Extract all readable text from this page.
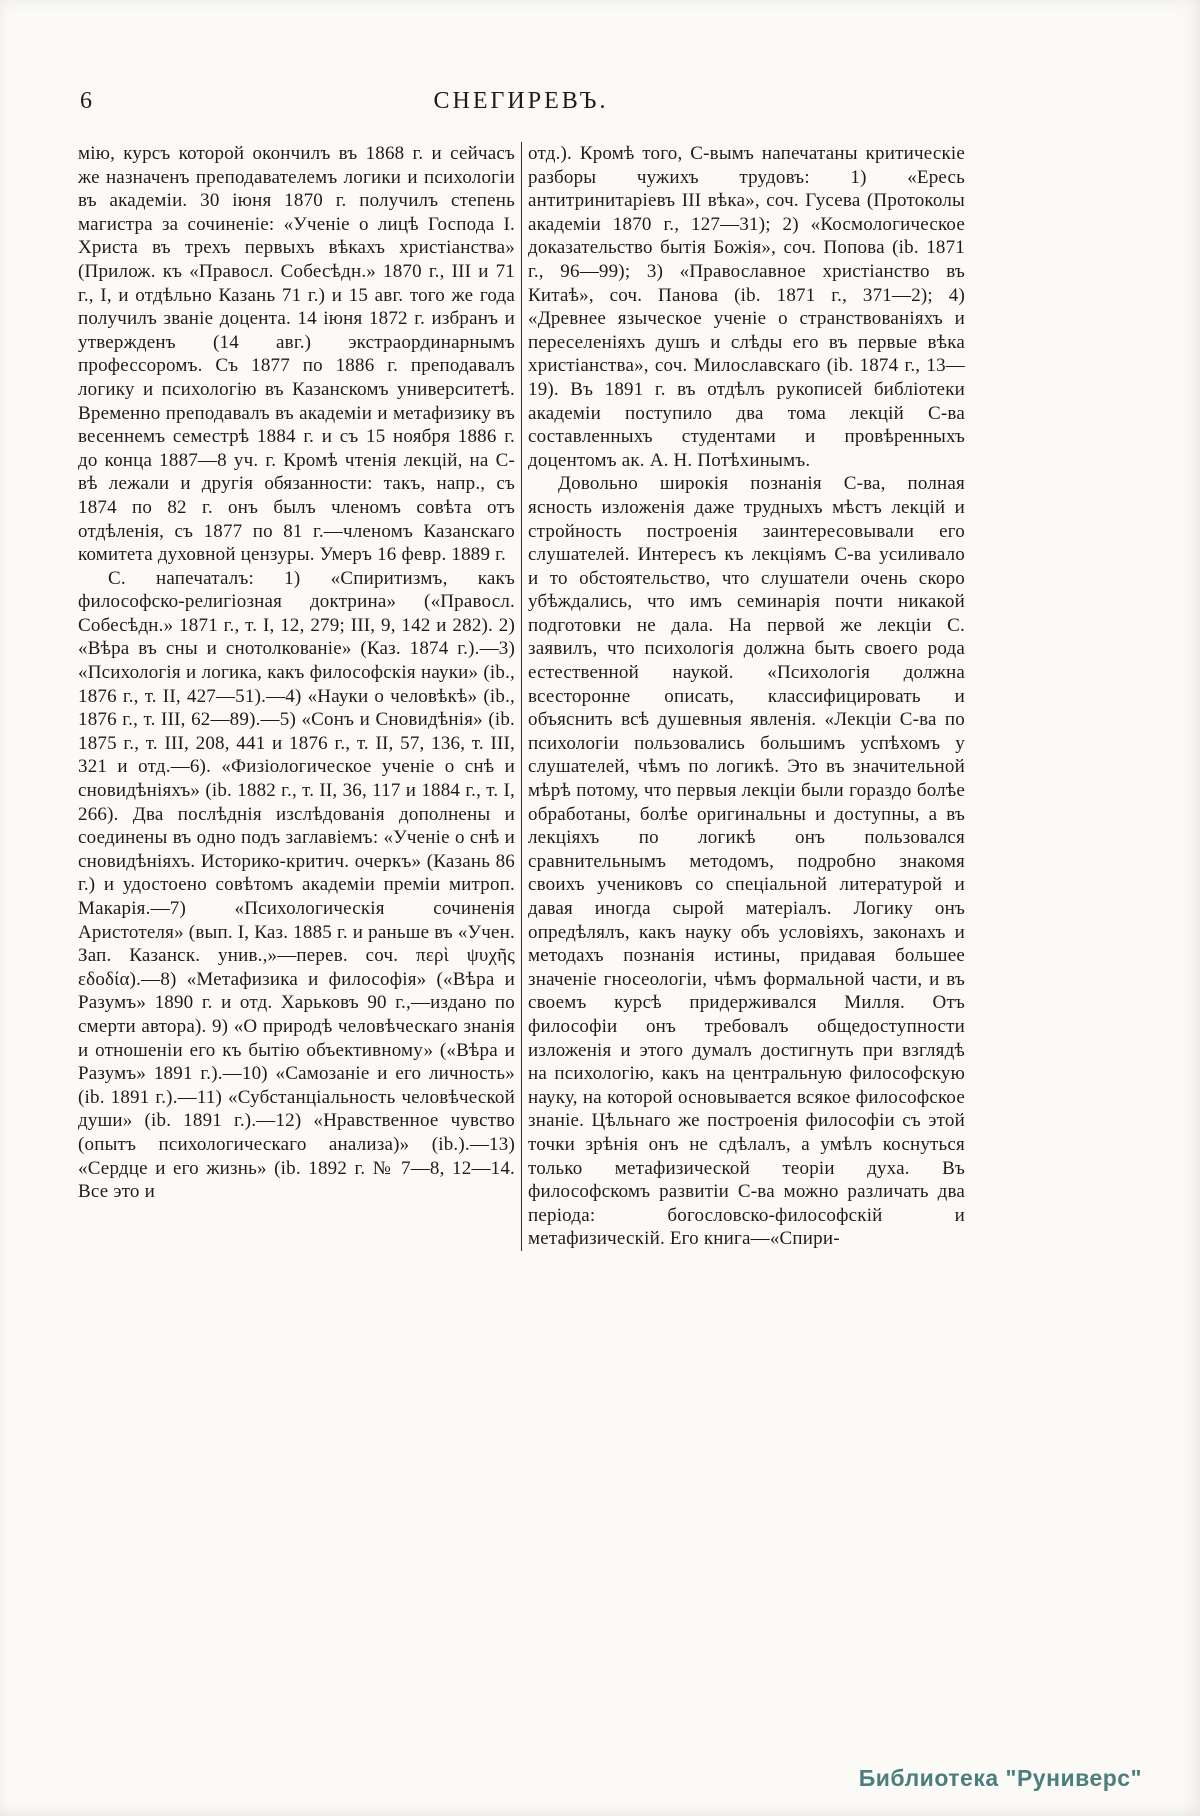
6	СНЕГИРЕВЪ.

мію, курсъ которой окончилъ въ 1868 г. и сейчасъ же назначенъ преподавателемъ логики и психологіи въ академіи. 30 іюня 1870 г. получилъ степень магистра за сочиненіе: «Ученіе о лицѣ Господа І. Христа въ трехъ первыхъ вѣкахъ христіанства» (Прилож. къ «Правосл. Собесѣдн.» 1870 г., III и 71 г., І, и отдѣльно Казань 71 г.) и 15 авг. того же года получилъ званіе доцента. 14 іюня 1872 г. избранъ и утвержденъ (14 авг.) экстраординарнымъ профессоромъ. Съ 1877 по 1886 г. преподавалъ логику и психологію въ Казанскомъ университетѣ. Временно преподавалъ въ академіи и метафизику въ весеннемъ семестрѣ 1884 г. и съ 15 ноября 1886 г. до конца 1887—8 уч. г. Кромѣ чтенія лекцій, на С-вѣ лежали и другія обязанности: такъ, напр., съ 1874 по 82 г. онъ былъ членомъ совѣта отъ отдѣленія, съ 1877 по 81 г.—членомъ Казанскаго комитета духовной цензуры. Умеръ 16 февр. 1889 г.

С. напечаталъ: 1) «Спиритизмъ, какъ философско-религіозная доктрина» («Правосл. Собесѣдн.» 1871 г., т. I, 12, 279; III, 9, 142 и 282). 2) «Вѣра въ сны и снотолкованіе» (Каз. 1874 г.).—3) «Психологія и логика, какъ философскія науки» (ib., 1876 г., т. II, 427—51).—4) «Науки о человѣкѣ» (ib., 1876 г., т. III, 62—89).—5) «Сонъ и Сновидѣнія» (ib. 1875 г., т. III, 208, 441 и 1876 г., т. II, 57, 136, т. III, 321 и отд.—6). «Физіологическое ученіе о снѣ и сновидѣніяхъ» (ib. 1882 г., т. II, 36, 117 и 1884 г., т. I, 266). Два послѣднія изслѣдованія дополнены и соединены въ одно подъ заглавіемъ: «Ученіе о снѣ и сновидѣніяхъ. Историко-критич. очеркъ» (Казань 86 г.) и удостоено совѣтомъ академіи преміи митроп. Макарія.—7) «Психологическія сочиненія Аристотеля» (вып. I, Каз. 1885 г. и раньше въ «Учен. Зап. Казанск. унив.,»—перев. соч. περὶ ψυχῆς εδοδία).—8) «Метафизика и философія» («Вѣра и Разумъ» 1890 г. и отд. Харьковъ 90 г.,—издано по смерти автора). 9) «О природѣ человѣческаго знанія и отношеніи его къ бытію объективному» («Вѣра и Разумъ» 1891 г.).—10) «Самозаніе и его личность» (ib. 1891 г.).—11) «Субстанціальность человѣческой души» (ib. 1891 г.).—12) «Нравственное чувство (опытъ психологическаго анализа)» (ib.).—13) «Сердце и его жизнь» (ib. 1892 г. № 7—8, 12—14. Все это и

отд.). Кромѣ того, С-вымъ напечатаны критическіе разборы чужихъ трудовъ: 1) «Ересь антитринитаріевъ III вѣка», соч. Гусева (Протоколы академіи 1870 г., 127—31); 2) «Космологическое доказательство бытія Божія», соч. Попова (ib. 1871 г., 96—99); 3) «Православное христіанство въ Китаѣ», соч. Панова (ib. 1871 г., 371—2); 4) «Древнее языческое ученіе о странствованіяхъ и переселеніяхъ душъ и слѣды его въ первые вѣка христіанства», соч. Милославскаго (ib. 1874 г., 13—19). Въ 1891 г. въ отдѣлъ рукописей библіотеки академіи поступило два тома лекцій С-ва составленныхъ студентами и провѣренныхъ доцентомъ ак. А. Н. Потѣхинымъ.

Довольно широкія познанія С-ва, полная ясность изложенія даже трудныхъ мѣстъ лекцій и стройность построенія заинтересовывали его слушателей. Интересъ къ лекціямъ С-ва усиливало и то обстоятельство, что слушатели очень скоро убѣждались, что имъ семинарія почти никакой подготовки не дала. На первой же лекціи С. заявилъ, что психологія должна быть своего рода естественной наукой. «Психологія должна всесторонне описать, классифицировать и объяснить всѣ душевныя явленія. «Лекціи С-ва по психологіи пользовались большимъ успѣхомъ у слушателей, чѣмъ по логикѣ. Это въ значительной мѣрѣ потому, что первыя лекціи были гораздо болѣе обработаны, болѣе оригинальны и доступны, а въ лекціяхъ по логикѣ онъ пользовался сравнительнымъ методомъ, подробно знакомя своихъ учениковъ со спеціальной литературой и давая иногда сырой матеріалъ. Логику онъ опредѣлялъ, какъ науку объ условіяхъ, законахъ и методахъ познанія истины, придавая большее значеніе гносеологіи, чѣмъ формальной части, и въ своемъ курсѣ придерживался Милля. Отъ философіи онъ требовалъ общедоступности изложенія и этого думалъ достигнуть при взглядѣ на психологію, какъ на центральную философскую науку, на которой основывается всякое философское знаніе. Цѣльнаго же построенія философіи съ этой точки зрѣнія онъ не сдѣлалъ, а умѣлъ коснуться только метафизической теоріи духа. Въ философскомъ развитіи С-ва можно различать два періода: богословско-философскій и метафизическій. Его книга—«Спири-

Библиотека "Руниверс"
